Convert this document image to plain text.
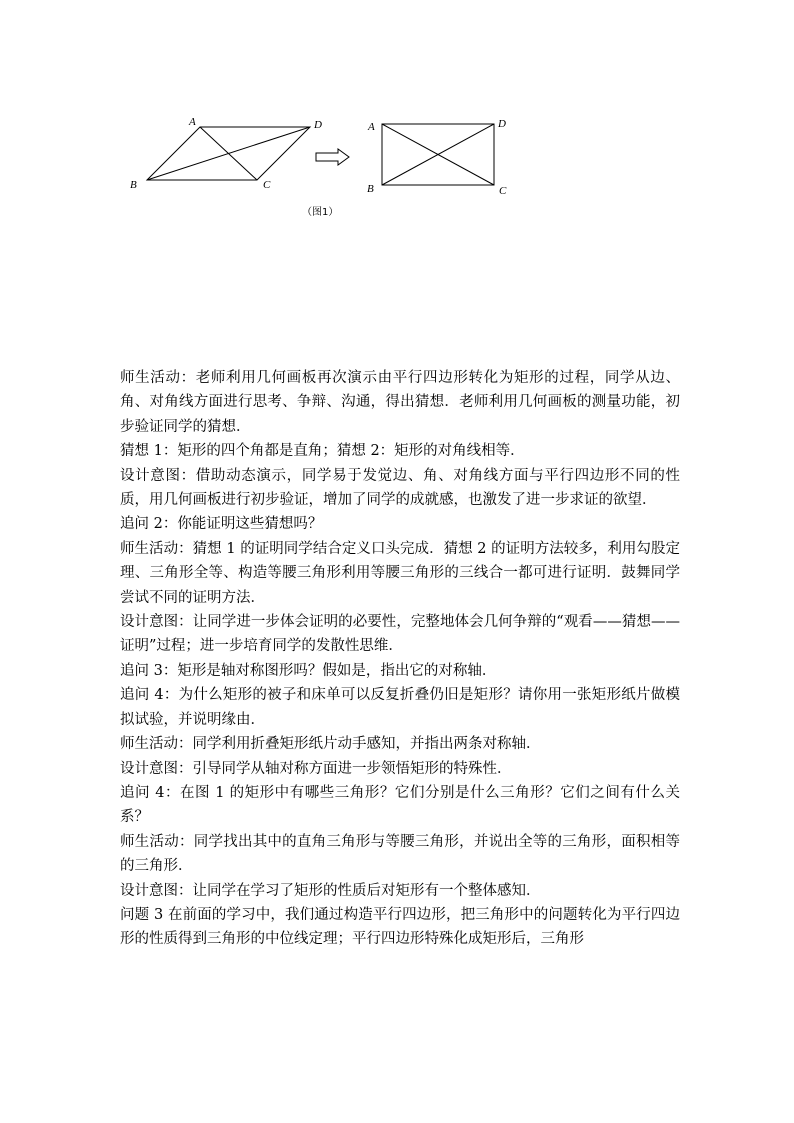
A	D
B	C
A	D
B	C
（图1）

师生活动：老师利用几何画板再次演示由平行四边形转化为矩形的过程，同学从边、角、对角线方面进行思考、争辩、沟通，得出猜想．老师利用几何画板的测量功能，初步验证同学的猜想．

猜想 1：矩形的四个角都是直角；猜想 2：矩形的对角线相等．

设计意图：借助动态演示，同学易于发觉边、角、对角线方面与平行四边形不同的性质，用几何画板进行初步验证，增加了同学的成就感，也激发了进一步求证的欲望．

追问 2：你能证明这些猜想吗？

师生活动：猜想 1 的证明同学结合定义口头完成．猜想 2 的证明方法较多，利用勾股定理、三角形全等、构造等腰三角形利用等腰三角形的三线合一都可进行证明．鼓舞同学尝试不同的证明方法．

设计意图：让同学进一步体会证明的必要性，完整地体会几何争辩的“观看——猜想——证明”过程；进一步培育同学的发散性思维．

追问 3：矩形是轴对称图形吗？假如是，指出它的对称轴．

追问 4：为什么矩形的被子和床单可以反复折叠仍旧是矩形？请你用一张矩形纸片做模拟试验，并说明缘由．

师生活动：同学利用折叠矩形纸片动手感知，并指出两条对称轴．

设计意图：引导同学从轴对称方面进一步领悟矩形的特殊性．

追问 4：在图 1 的矩形中有哪些三角形？它们分别是什么三角形？它们之间有什么关系？

师生活动：同学找出其中的直角三角形与等腰三角形，并说出全等的三角形，面积相等的三角形．

设计意图：让同学在学习了矩形的性质后对矩形有一个整体感知．

问题 3 在前面的学习中，我们通过构造平行四边形，把三角形中的问题转化为平行四边形的性质得到三角形的中位线定理；平行四边形特殊化成矩形后，三角形
